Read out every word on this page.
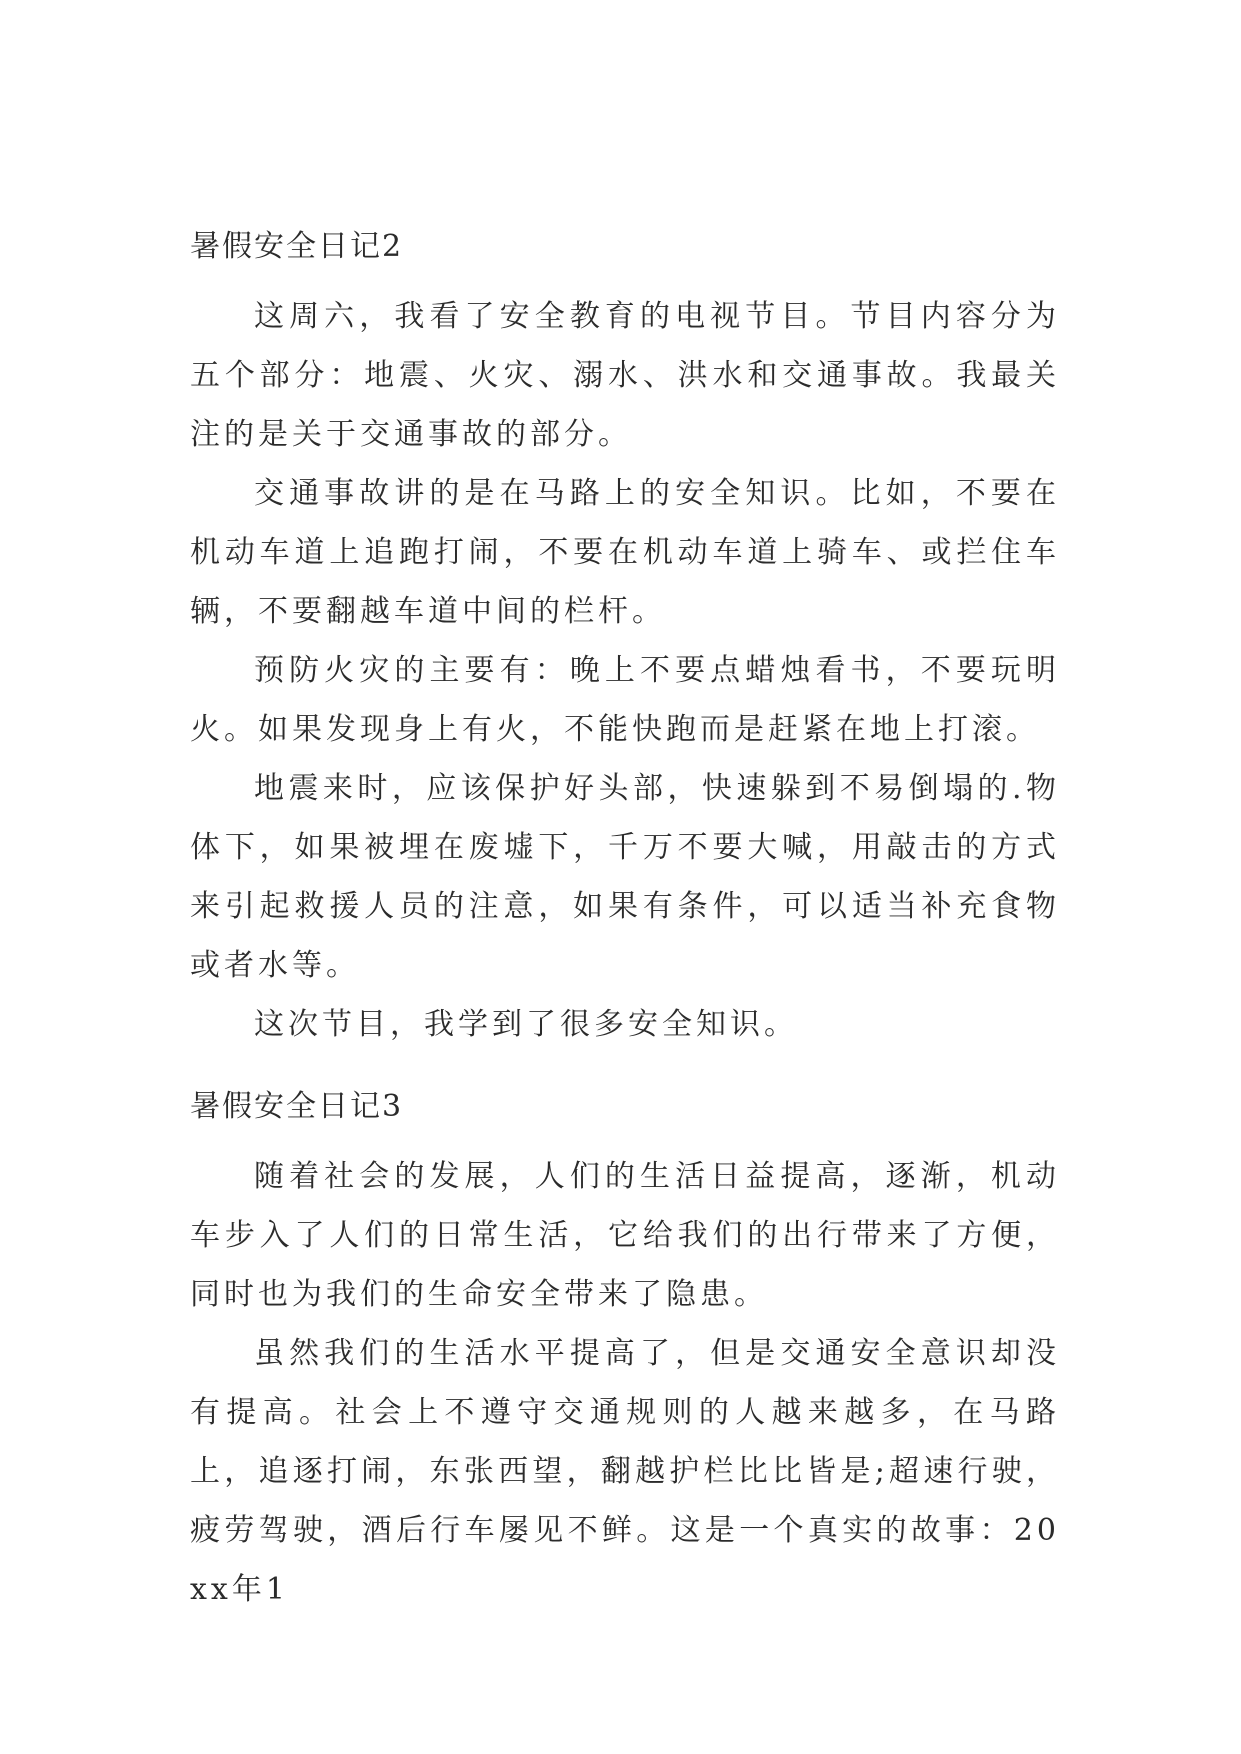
暑假安全日记2

这周六，我看了安全教育的电视节目。节目内容分为五个部分：地震、火灾、溺水、洪水和交通事故。我最关注的是关于交通事故的部分。

交通事故讲的是在马路上的安全知识。比如，不要在机动车道上追跑打闹，不要在机动车道上骑车、或拦住车辆，不要翻越车道中间的栏杆。

预防火灾的主要有：晚上不要点蜡烛看书，不要玩明火。如果发现身上有火，不能快跑而是赶紧在地上打滚。

地震来时，应该保护好头部，快速躲到不易倒塌的.物体下，如果被埋在废墟下，千万不要大喊，用敲击的方式来引起救援人员的注意，如果有条件，可以适当补充食物或者水等。

这次节目，我学到了很多安全知识。

暑假安全日记3

随着社会的发展，人们的生活日益提高，逐渐，机动车步入了人们的日常生活，它给我们的出行带来了方便，同时也为我们的生命安全带来了隐患。

虽然我们的生活水平提高了，但是交通安全意识却没有提高。社会上不遵守交通规则的人越来越多，在马路上，追逐打闹，东张西望，翻越护栏比比皆是;超速行驶，疲劳驾驶，酒后行车屡见不鲜。这是一个真实的故事：20xx年1
